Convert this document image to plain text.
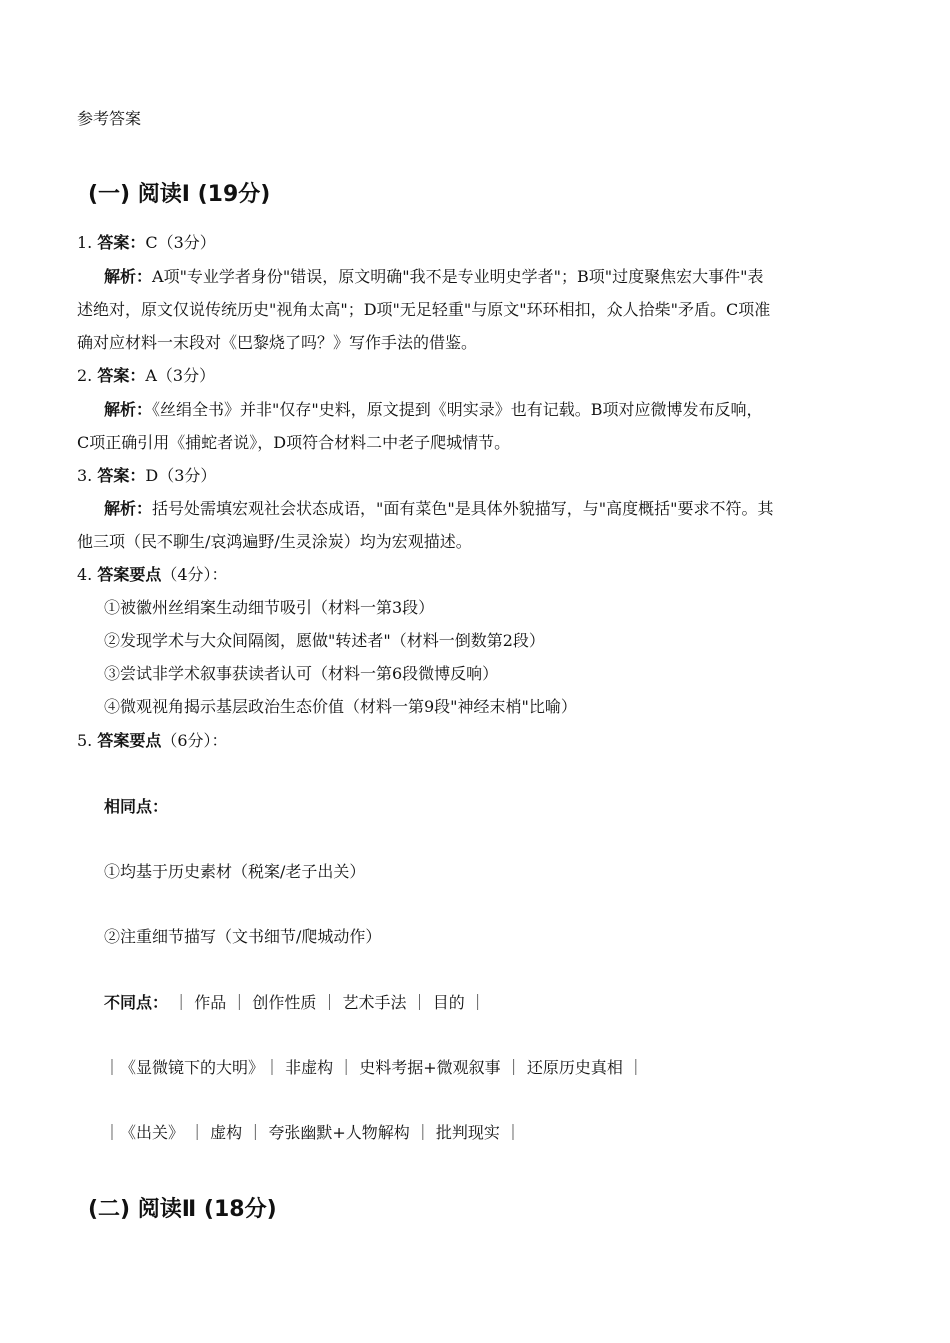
参考答案
(一) 阅读Ⅰ (19分)
1. 答案：C（3分）
解析：A项"专业学者身份"错误，原文明确"我不是专业明史学者"；B项"过度聚焦宏大事件"表
述绝对，原文仅说传统历史"视角太高"；D项"无足轻重"与原文"环环相扣，众人拾柴"矛盾。C项准
确对应材料一末段对《巴黎烧了吗？》写作手法的借鉴。
2. 答案：A（3分）
解析：《丝绢全书》并非"仅存"史料，原文提到《明实录》也有记载。B项对应微博发布反响，
C项正确引用《捕蛇者说》，D项符合材料二中老子爬城情节。
3. 答案：D（3分）
解析：括号处需填宏观社会状态成语，"面有菜色"是具体外貌描写，与"高度概括"要求不符。其
他三项（民不聊生/哀鸿遍野/生灵涂炭）均为宏观描述。
4. 答案要点（4分）：
①被徽州丝绢案生动细节吸引（材料一第3段）
②发现学术与大众间隔阂，愿做"转述者"（材料一倒数第2段）
③尝试非学术叙事获读者认可（材料一第6段微博反响）
④微观视角揭示基层政治生态价值（材料一第9段"神经末梢"比喻）
5. 答案要点（6分）：
相同点：
①均基于历史素材（税案/老子出关）
②注重细节描写（文书细节/爬城动作）
不同点： ｜ 作品 ｜ 创作性质 ｜ 艺术手法 ｜ 目的 ｜
｜《显微镜下的大明》｜ 非虚构 ｜ 史料考据+微观叙事 ｜ 还原历史真相 ｜
｜《出关》 ｜ 虚构 ｜ 夸张幽默+人物解构 ｜ 批判现实 ｜
(二) 阅读Ⅱ (18分)
